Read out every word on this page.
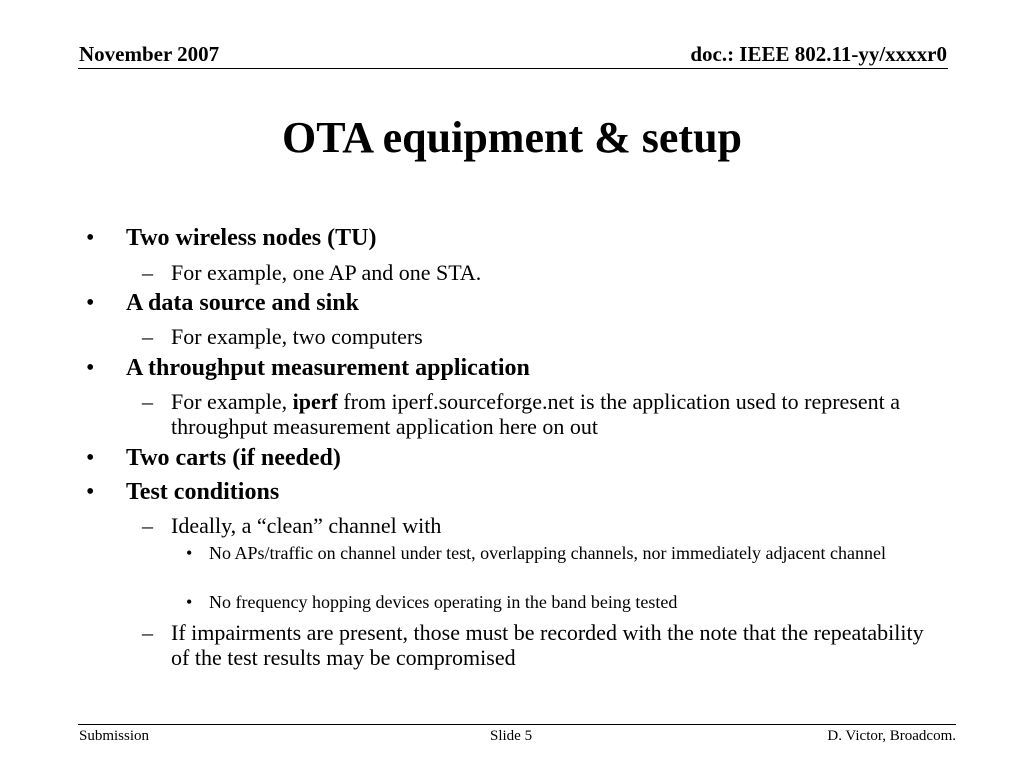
November 2007	doc.: IEEE 802.11-yy/xxxxr0
OTA equipment & setup
• Two wireless nodes (TU)
– For example, one AP and one STA.
• A data source and sink
– For example, two computers
• A throughput measurement application
– For example, iperf from iperf.sourceforge.net is the application used to represent a throughput measurement application here on out
• Two carts (if needed)
• Test conditions
– Ideally, a “clean” channel with
• No APs/traffic on channel under test, overlapping channels, nor immediately adjacent channel
• No frequency hopping devices operating in the band being tested
– If impairments are present, those must be recorded with the note that the repeatability of the test results may be compromised
Submission	Slide 5	D. Victor, Broadcom.
